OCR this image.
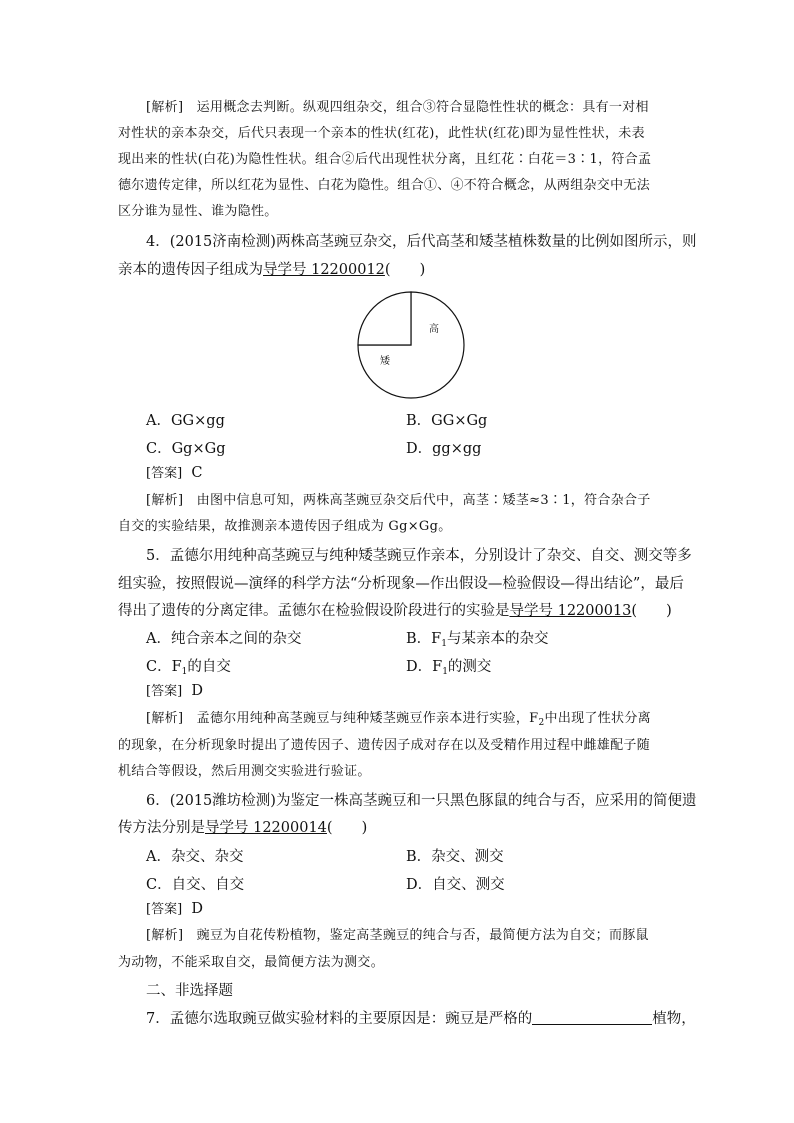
[解析] 运用概念去判断。纵观四组杂交，组合③符合显隐性性状的概念：具有一对相
对性状的亲本杂交，后代只表现一个亲本的性状(红花)，此性状(红花)即为显性性状，未表
现出来的性状(白花)为隐性性状。组合②后代出现性状分离，且红花∶白花＝3∶1，符合孟
德尔遗传定律，所以红花为显性、白花为隐性。组合①、④不符合概念，从两组杂交中无法
区分谁为显性、谁为隐性。
4．(2015济南检测)两株高茎豌豆杂交，后代高茎和矮茎植株数量的比例如图所示，则
亲本的遗传因子组成为导学号 12200012(　　)
高
矮
A．GG×gg	B．GG×Gg
C．Gg×Gg	D．gg×gg
[答案] C
[解析] 由图中信息可知，两株高茎豌豆杂交后代中，高茎∶矮茎≈3∶1，符合杂合子
自交的实验结果，故推测亲本遗传因子组成为 Gg×Gg。
5．孟德尔用纯种高茎豌豆与纯种矮茎豌豆作亲本，分别设计了杂交、自交、测交等多
组实验，按照假说—演绎的科学方法“分析现象—作出假设—检验假设—得出结论”，最后
得出了遗传的分离定律。孟德尔在检验假设阶段进行的实验是导学号 12200013(　　)
A．纯合亲本之间的杂交	B．$F_1$与某亲本的杂交
C．$F_1$的自交	D．$F_1$的测交
[答案] D
[解析] 孟德尔用纯种高茎豌豆与纯种矮茎豌豆作亲本进行实验，$F_2$中出现了性状分离
的现象，在分析现象时提出了遗传因子、遗传因子成对存在以及受精作用过程中雌雄配子随
机结合等假设，然后用测交实验进行验证。
6．(2015潍坊检测)为鉴定一株高茎豌豆和一只黑色豚鼠的纯合与否，应采用的简便遗
传方法分别是导学号 12200014(　　)
A．杂交、杂交	B．杂交、测交
C．自交、自交	D．自交、测交
[答案] D
[解析] 豌豆为自花传粉植物，鉴定高茎豌豆的纯合与否，最简便方法为自交；而豚鼠
为动物，不能采取自交，最简便方法为测交。
二、非选择题
7．孟德尔选取豌豆做实验材料的主要原因是：豌豆是严格的	植物，
